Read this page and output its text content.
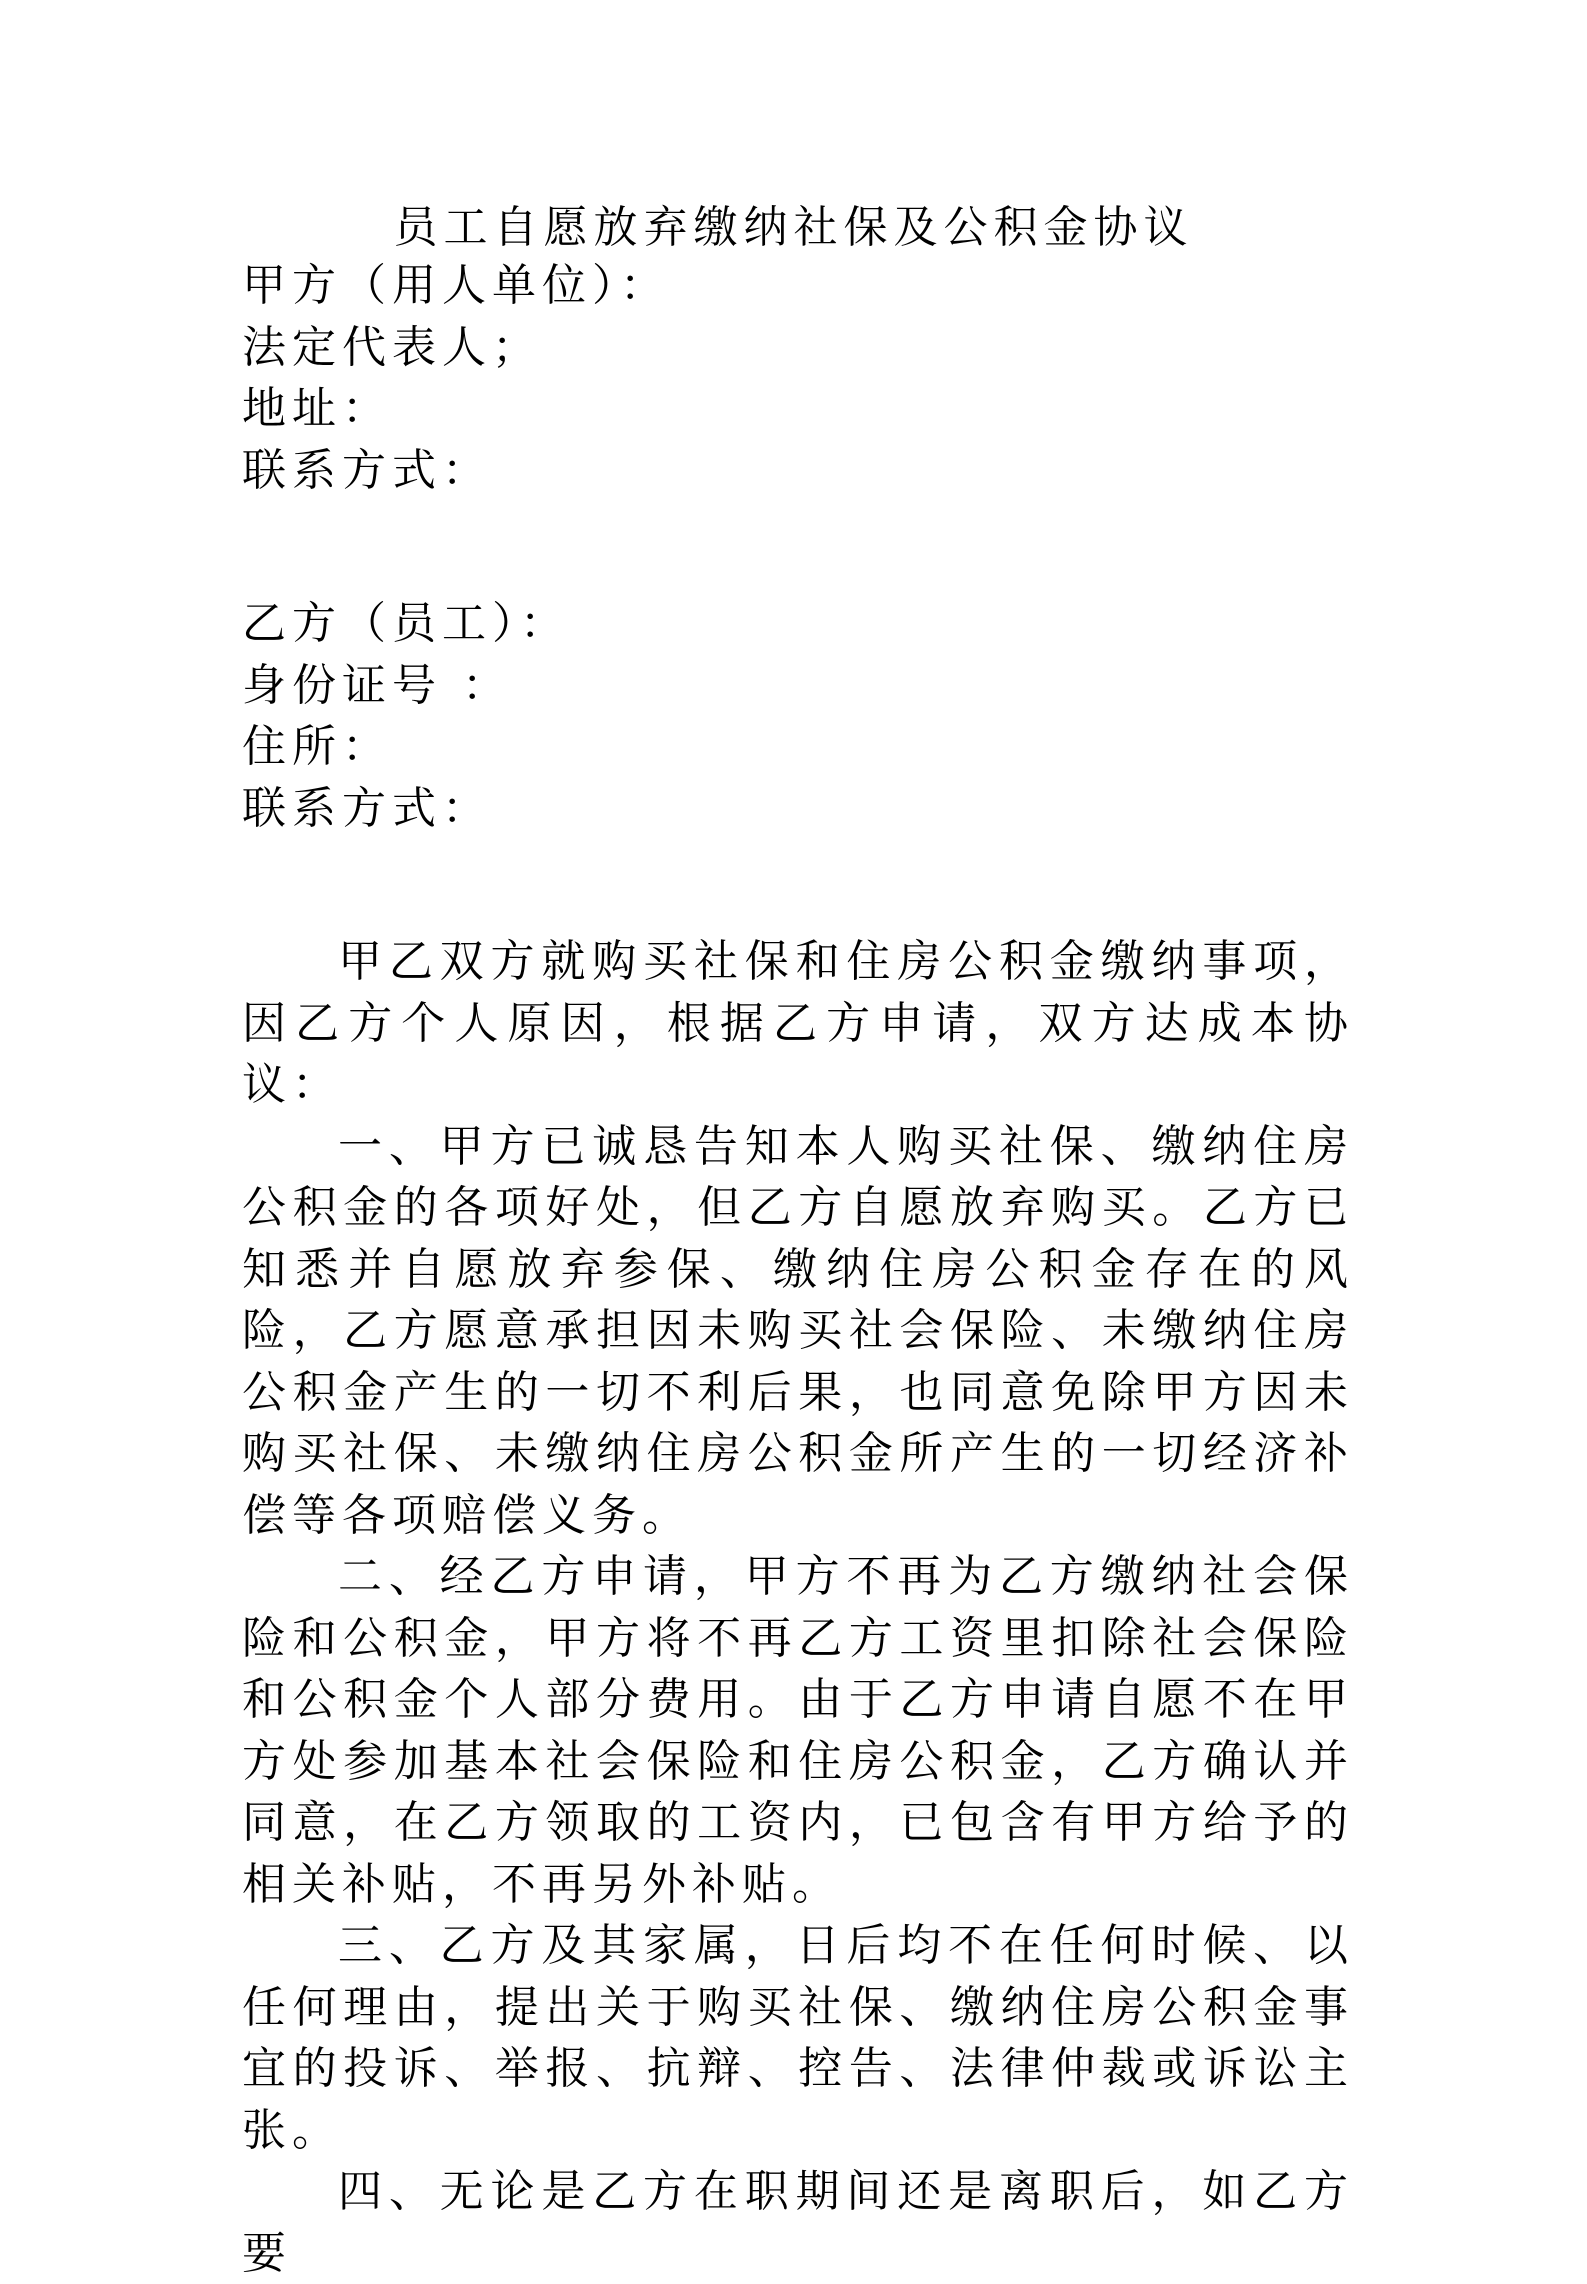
员工自愿放弃缴纳社保及公积金协议

甲方（用人单位）：

法定代表人；

地址：

联系方式：

乙方（员工）：

身份证号 ：

住所：

联系方式：

甲乙双方就购买社保和住房公积金缴纳事项，因乙方个人原因，根据乙方申请，双方达成本协议：

一、甲方已诚恳告知本人购买社保、缴纳住房公积金的各项好处，但乙方自愿放弃购买。乙方已知悉并自愿放弃参保、缴纳住房公积金存在的风险，乙方愿意承担因未购买社会保险、未缴纳住房公积金产生的一切不利后果，也同意免除甲方因未购买社保、未缴纳住房公积金所产生的一切经济补偿等各项赔偿义务。

二、经乙方申请，甲方不再为乙方缴纳社会保险和公积金，甲方将不再乙方工资里扣除社会保险和公积金个人部分费用。由于乙方申请自愿不在甲方处参加基本社会保险和住房公积金，乙方确认并同意，在乙方领取的工资内，已包含有甲方给予的相关补贴，不再另外补贴。

三、乙方及其家属，日后均不在任何时候、以任何理由，提出关于购买社保、缴纳住房公积金事宜的投诉、举报、抗辩、控告、法律仲裁或诉讼主张。

四、无论是乙方在职期间还是离职后，如乙方要
